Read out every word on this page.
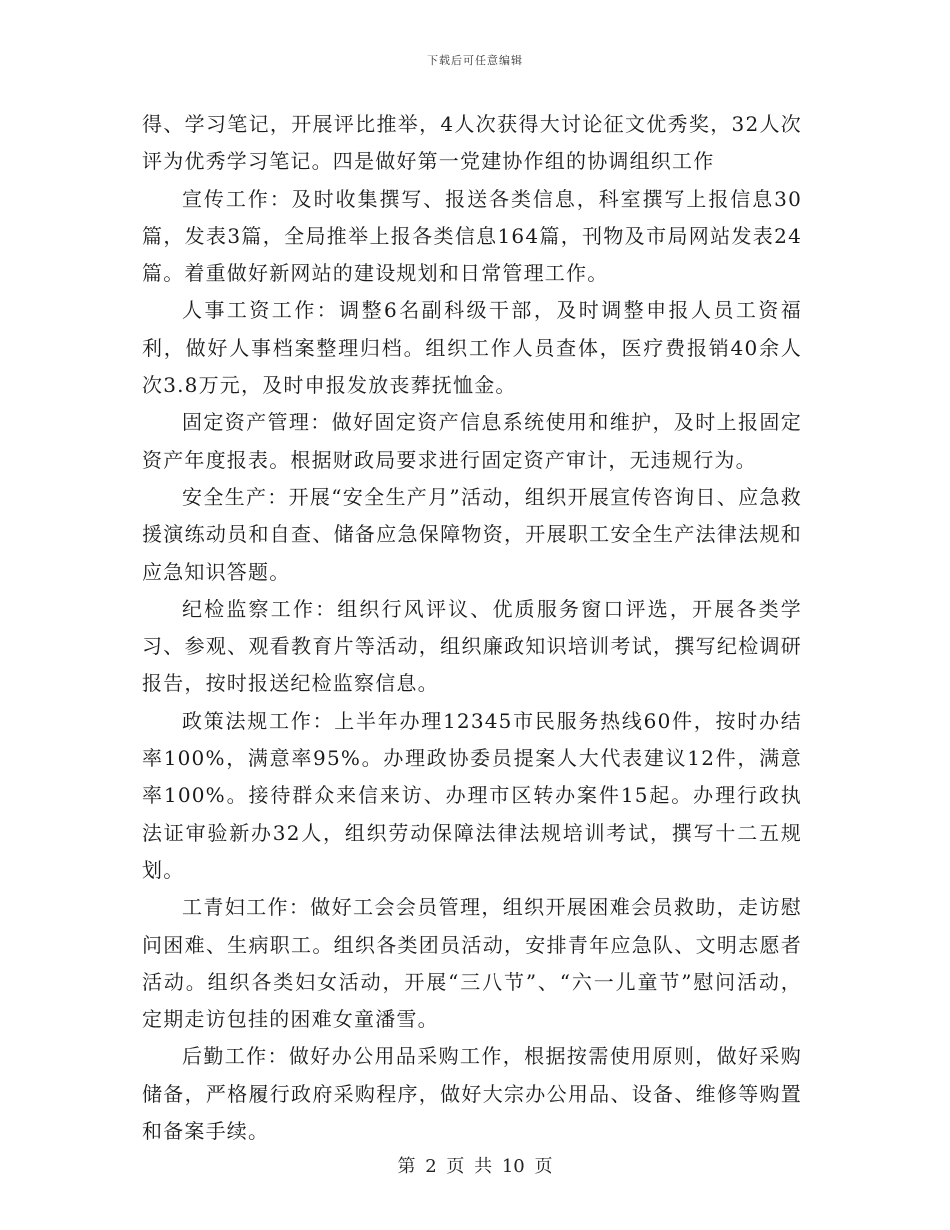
下载后可任意编辑

得、学习笔记，开展评比推举，4人次获得大讨论征文优秀奖，32人次评为优秀学习笔记。四是做好第一党建协作组的协调组织工作

宣传工作：及时收集撰写、报送各类信息，科室撰写上报信息30篇，发表3篇，全局推举上报各类信息164篇，刊物及市局网站发表24篇。着重做好新网站的建设规划和日常管理工作。

人事工资工作：调整6名副科级干部，及时调整申报人员工资福利，做好人事档案整理归档。组织工作人员查体，医疗费报销40余人次3.8万元，及时申报发放丧葬抚恤金。

固定资产管理：做好固定资产信息系统使用和维护，及时上报固定资产年度报表。根据财政局要求进行固定资产审计，无违规行为。

安全生产：开展“安全生产月”活动，组织开展宣传咨询日、应急救援演练动员和自查、储备应急保障物资，开展职工安全生产法律法规和应急知识答题。

纪检监察工作：组织行风评议、优质服务窗口评选，开展各类学习、参观、观看教育片等活动，组织廉政知识培训考试，撰写纪检调研报告，按时报送纪检监察信息。

政策法规工作：上半年办理12345市民服务热线60件，按时办结率100%，满意率95%。办理政协委员提案人大代表建议12件，满意率100%。接待群众来信来访、办理市区转办案件15起。办理行政执法证审验新办32人，组织劳动保障法律法规培训考试，撰写十二五规划。

工青妇工作：做好工会会员管理，组织开展困难会员救助，走访慰问困难、生病职工。组织各类团员活动，安排青年应急队、文明志愿者活动。组织各类妇女活动，开展“三八节”、“六一儿童节”慰问活动，定期走访包挂的困难女童潘雪。

后勤工作：做好办公用品采购工作，根据按需使用原则，做好采购储备，严格履行政府采购程序，做好大宗办公用品、设备、维修等购置和备案手续。

第 2 页 共 10 页
